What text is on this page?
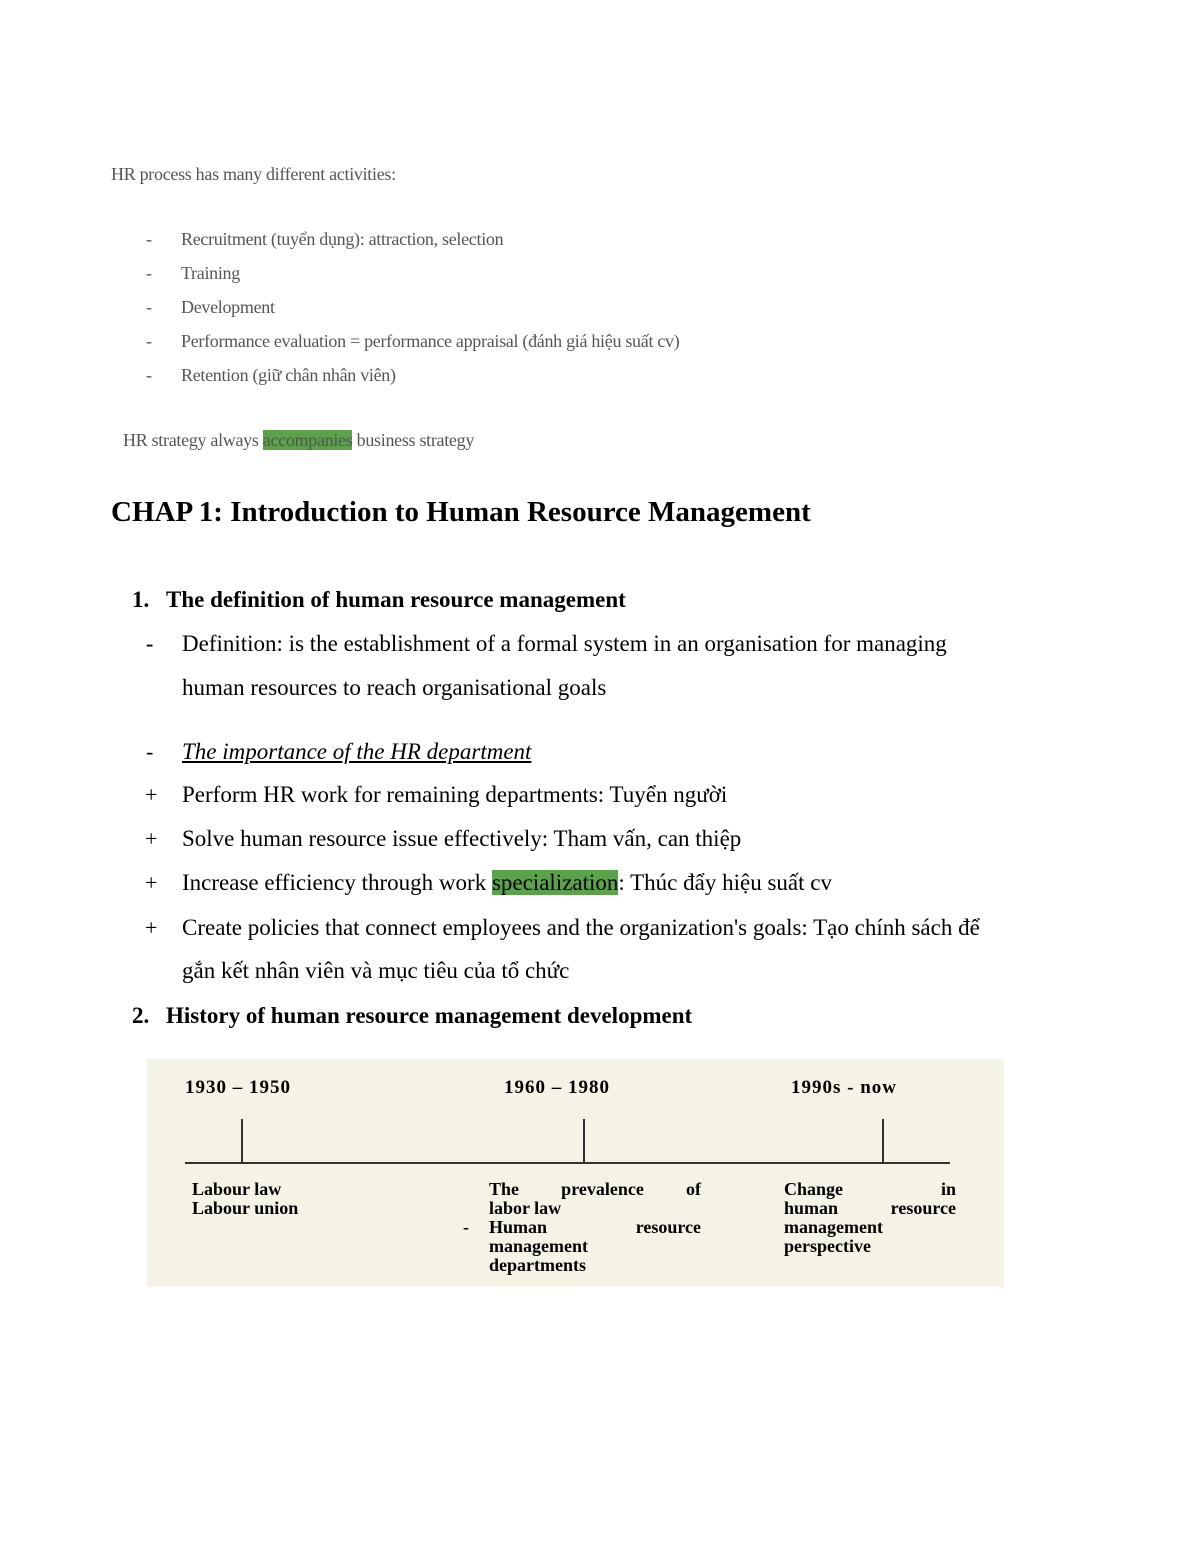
HR process has many different activities:
- Recruitment (tuyển dụng): attraction, selection
- Training
- Development
- Performance evaluation = performance appraisal (đánh giá hiệu suất cv)
- Retention (giữ chân nhân viên)
HR strategy always accompanies business strategy
CHAP 1: Introduction to Human Resource Management
1. The definition of human resource management
- Definition: is the establishment of a formal system in an organisation for managing
human resources to reach organisational goals
- The importance of the HR department
+ Perform HR work for remaining departments: Tuyển người
+ Solve human resource issue effectively: Tham vấn, can thiệp
+ Increase efficiency through work specialization: Thúc đẩy hiệu suất cv
+ Create policies that connect employees and the organization's goals: Tạo chính sách để
gắn kết nhân viên và mục tiêu của tổ chức
2. History of human resource management development
1930 – 1950	1960 – 1980	1990s - now
Labour law
Labour union
The prevalence of
labor law
- Human resource
management
departments
Change in
human resource
management
perspective
